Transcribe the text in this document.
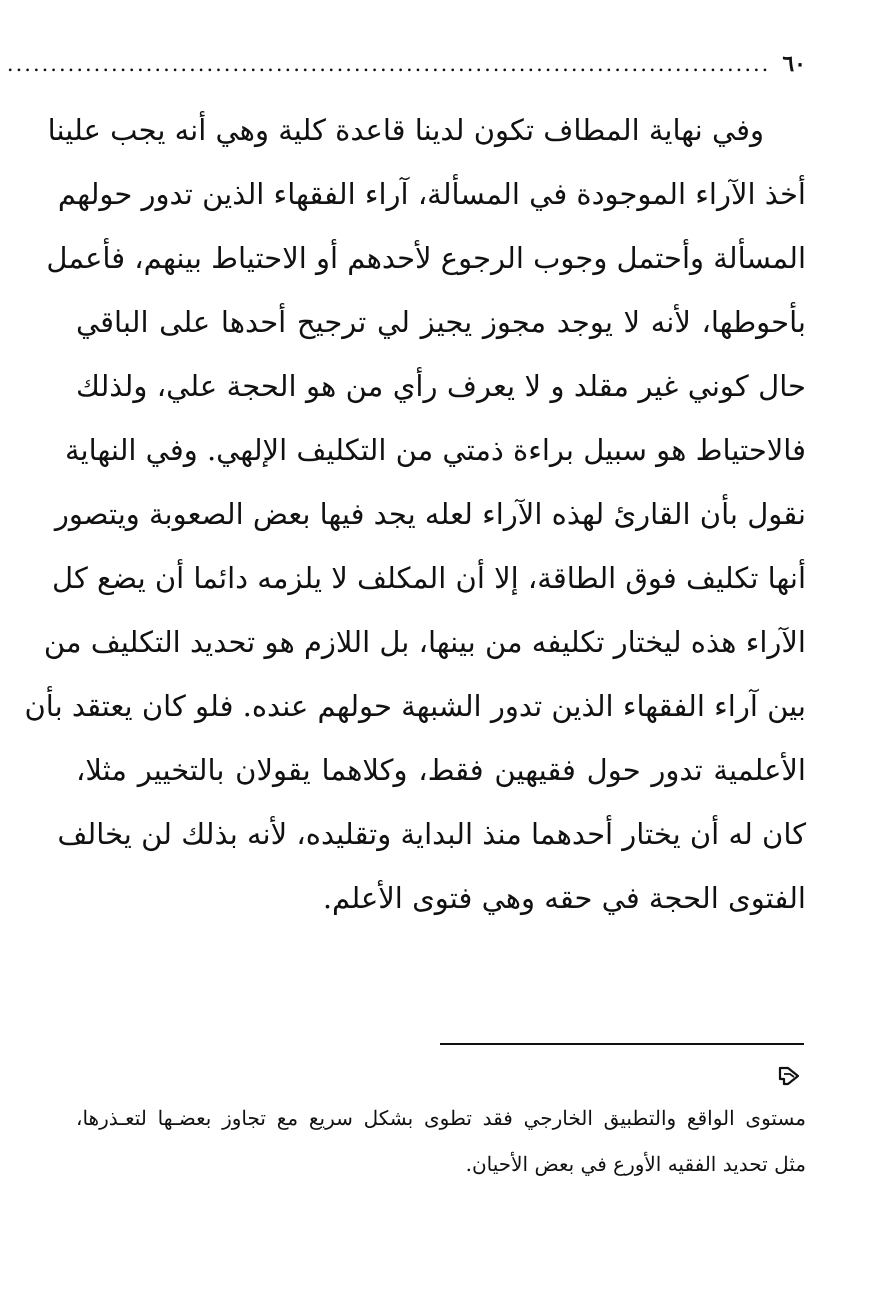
٦٠
........................................................................................
وفي نهاية المطاف تكون لدينا قاعدة كلية وهي أنه يجب علينا
أخذ الآراء الموجودة في المسألة، آراء الفقهاء الذين تدور حولهم
المسألة وأحتمل وجوب الرجوع لأحدهم أو الاحتياط بينهم، فأعمل
بأحوطها، لأنه لا يوجد مجوز يجيز لي ترجيح أحدها على الباقي
حال كوني غير مقلد و لا يعرف رأي من هو الحجة علي، ولذلك
فالاحتياط هو سبيل براءة ذمتي من التكليف الإلهي. وفي النهاية
نقول بأن القارئ لهذه الآراء لعله يجد فيها بعض الصعوبة ويتصور
أنها تكليف فوق الطاقة، إلا أن المكلف لا يلزمه دائما أن يضع كل
الآراء هذه ليختار تكليفه من بينها، بل اللازم هو تحديد التكليف من
بين آراء الفقهاء الذين تدور الشبهة حولهم عنده. فلو كان يعتقد بأن
الأعلمية تدور حول فقيهين فقط، وكلاهما يقولان بالتخيير مثلا،
كان له أن يختار أحدهما منذ البداية وتقليده، لأنه بذلك لن يخالف
الفتوى الحجة في حقه وهي فتوى الأعلم.
مستوى الواقع والتطبيق الخارجي فقد تطوى بشكل سريع مع تجاوز بعضـها لتعـذرها،
مثل تحديد الفقيه الأورع في بعض الأحيان.
